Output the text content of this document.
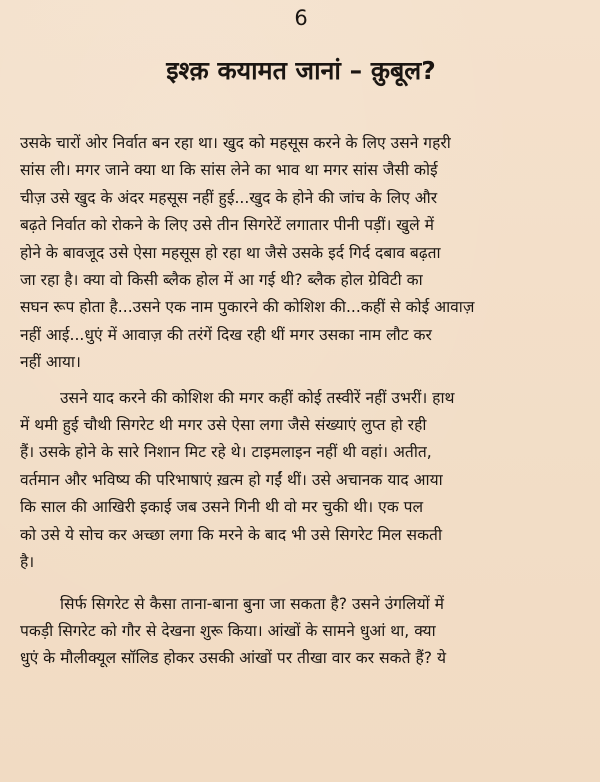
6

इश्क़ कयामत जानां – क़ुबूल?
उसके चारों ओर निर्वात बन रहा था। खुद को महसूस करने के लिए उसने गहरी
सांस ली। मगर जाने क्या था कि सांस लेने का भाव था मगर सांस जैसी कोई
चीज़ उसे खुद के अंदर महसूस नहीं हुई...खुद के होने की जांच के लिए और
बढ़ते निर्वात को रोकने के लिए उसे तीन सिगरेटें लगातार पीनी पड़ीं। खुले में
होने के बावजूद उसे ऐसा महसूस हो रहा था जैसे उसके इर्द गिर्द दबाव बढ़ता
जा रहा है। क्या वो किसी ब्लैक होल में आ गई थी? ब्लैक होल ग्रेविटी का
सघन रूप होता है...उसने एक नाम पुकारने की कोशिश की...कहीं से कोई आवाज़
नहीं आई...धुएं में आवाज़ की तरंगें दिख रही थीं मगर उसका नाम लौट कर
नहीं आया।
उसने याद करने की कोशिश की मगर कहीं कोई तस्वीरें नहीं उभरीं। हाथ
में थमी हुई चौथी सिगरेट थी मगर उसे ऐसा लगा जैसे संख्याएं लुप्त हो रही
हैं। उसके होने के सारे निशान मिट रहे थे। टाइमलाइन नहीं थी वहां। अतीत,
वर्तमान और भविष्य की परिभाषाएं ख़त्म हो गईं थीं। उसे अचानक याद आया
कि साल की आखिरी इकाई जब उसने गिनी थी वो मर चुकी थी। एक पल
को उसे ये सोच कर अच्छा लगा कि मरने के बाद भी उसे सिगरेट मिल सकती
है।
सिर्फ सिगरेट से कैसा ताना-बाना बुना जा सकता है? उसने उंगलियों में
पकड़ी सिगरेट को गौर से देखना शुरू किया। आंखों के सामने धुआं था, क्या
धुएं के मौलीक्यूल सॉलिड होकर उसकी आंखों पर तीखा वार कर सकते हैं? ये
